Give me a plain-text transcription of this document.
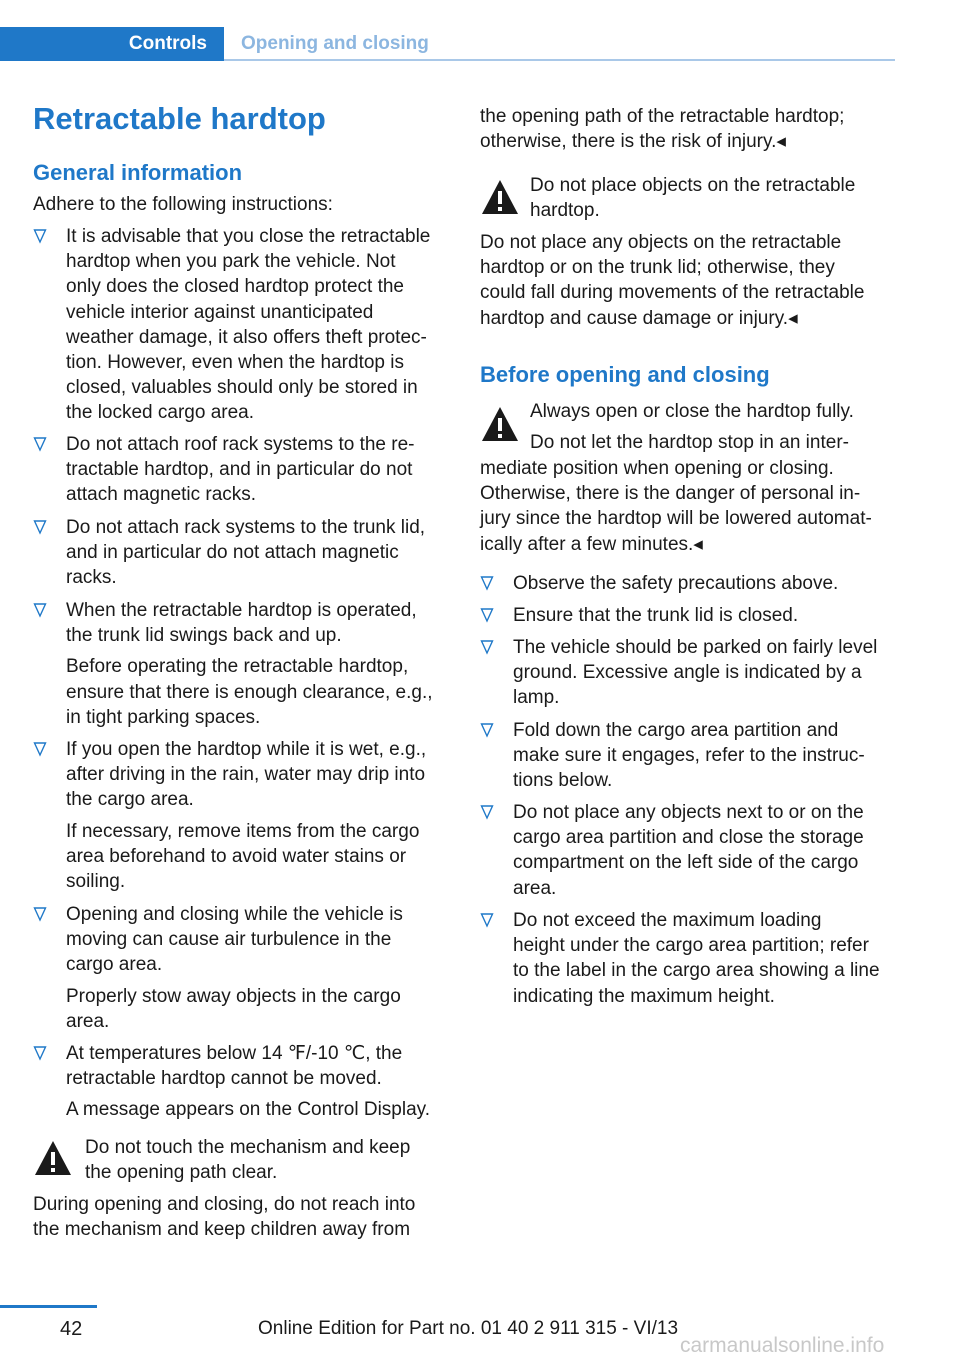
Controls	Opening and closing
Retractable hardtop
General information

Adhere to the following instructions:

It is advisable that you close the retractable
hardtop when you park the vehicle. Not
only does the closed hardtop protect the
vehicle interior against unanticipated
weather damage, it also offers theft protec‐
tion. However, even when the hardtop is
closed, valuables should only be stored in
the locked cargo area.
Do not attach roof rack systems to the re‐
tractable hardtop, and in particular do not
attach magnetic racks.
Do not attach rack systems to the trunk lid,
and in particular do not attach magnetic
racks.
When the retractable hardtop is operated,
the trunk lid swings back and up.
Before operating the retractable hardtop,
ensure that there is enough clearance, e.g.,
in tight parking spaces.
If you open the hardtop while it is wet, e.g.,
after driving in the rain, water may drip into
the cargo area.
If necessary, remove items from the cargo
area beforehand to avoid water stains or
soiling.
Opening and closing while the vehicle is
moving can cause air turbulence in the
cargo area.
Properly stow away objects in the cargo
area.
At temperatures below 14 ℉/-10 ℃, the
retractable hardtop cannot be moved.
A message appears on the Control Display.
Do not touch the mechanism and keep
the opening path clear.
During opening and closing, do not reach into
the mechanism and keep children away from
the opening path of the retractable hardtop;
otherwise, there is the risk of injury.◂
Do not place objects on the retractable
hardtop.
Do not place any objects on the retractable
hardtop or on the trunk lid; otherwise, they
could fall during movements of the retractable
hardtop and cause damage or injury.◂
Before opening and closing
Always open or close the hardtop fully.
Do not let the hardtop stop in an inter‐
mediate position when opening or closing.
Otherwise, there is the danger of personal in‐
jury since the hardtop will be lowered automat‐
ically after a few minutes.◂
Observe the safety precautions above.
Ensure that the trunk lid is closed.
The vehicle should be parked on fairly level
ground. Excessive angle is indicated by a
lamp.
Fold down the cargo area partition and
make sure it engages, refer to the instruc‐
tions below.
Do not place any objects next to or on the
cargo area partition and close the storage
compartment on the left side of the cargo
area.
Do not exceed the maximum loading
height under the cargo area partition; refer
to the label in the cargo area showing a line
indicating the maximum height.
42	Online Edition for Part no. 01 40 2 911 315 - VI/13
carmanualsonline.info
